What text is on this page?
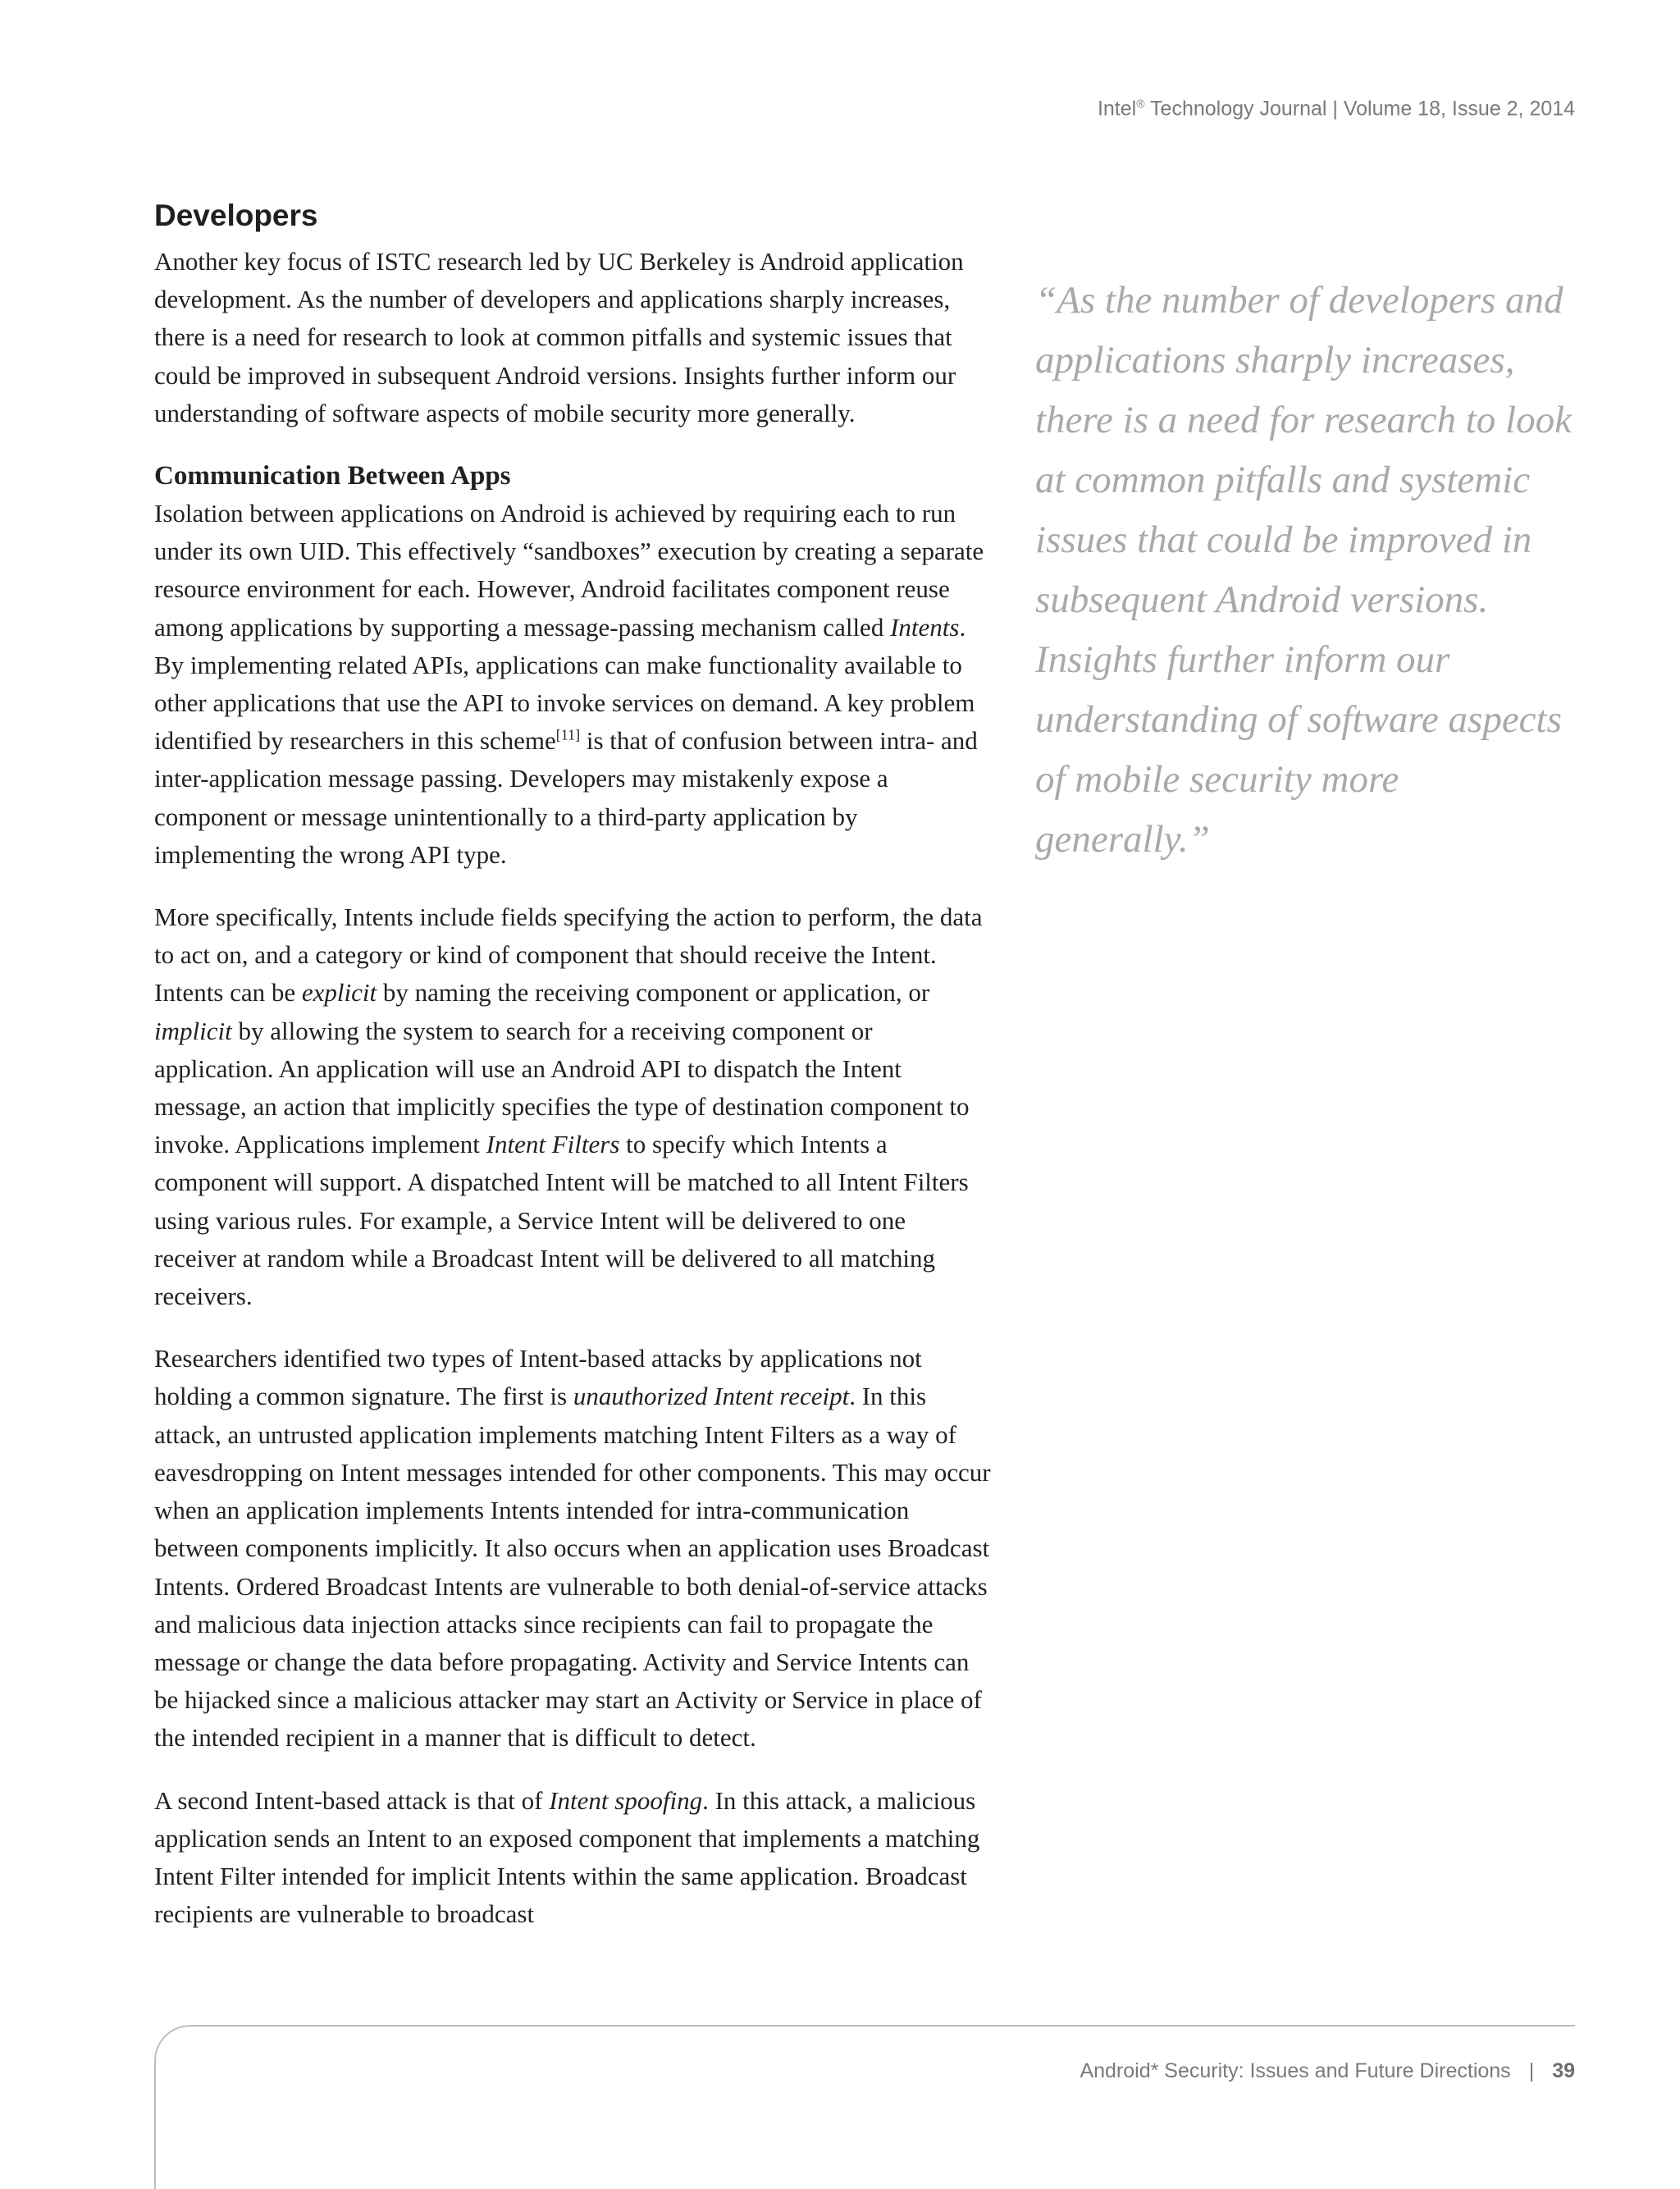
Intel® Technology Journal | Volume 18, Issue 2, 2014
Developers

Another key focus of ISTC research led by UC Berkeley is Android application development. As the number of developers and applications sharply increases, there is a need for research to look at common pitfalls and systemic issues that could be improved in subsequent Android versions. Insights further inform our understanding of software aspects of mobile security more generally.

Communication Between Apps

Isolation between applications on Android is achieved by requiring each to run under its own UID. This effectively “sandboxes” execution by creating a separate resource environment for each. However, Android facilitates component reuse among applications by supporting a message-passing mechanism called Intents. By implementing related APIs, applications can make functionality available to other applications that use the API to invoke services on demand. A key problem identified by researchers in this scheme[11] is that of confusion between intra- and inter-application message passing. Developers may mistakenly expose a component or message unintentionally to a third-party application by implementing the wrong API type.

More specifically, Intents include fields specifying the action to perform, the data to act on, and a category or kind of component that should receive the Intent. Intents can be explicit by naming the receiving component or application, or implicit by allowing the system to search for a receiving component or application. An application will use an Android API to dispatch the Intent message, an action that implicitly specifies the type of destination component to invoke. Applications implement Intent Filters to specify which Intents a component will support. A dispatched Intent will be matched to all Intent Filters using various rules. For example, a Service Intent will be delivered to one receiver at random while a Broadcast Intent will be delivered to all matching receivers.

Researchers identified two types of Intent-based attacks by applications not holding a common signature. The first is unauthorized Intent receipt. In this attack, an untrusted application implements matching Intent Filters as a way of eavesdropping on Intent messages intended for other components. This may occur when an application implements Intents intended for intra-communication between components implicitly. It also occurs when an application uses Broadcast Intents. Ordered Broadcast Intents are vulnerable to both denial-of-service attacks and malicious data injection attacks since recipients can fail to propagate the message or change the data before propagating. Activity and Service Intents can be hijacked since a malicious attacker may start an Activity or Service in place of the intended recipient in a manner that is difficult to detect.

A second Intent-based attack is that of Intent spoofing. In this attack, a malicious application sends an Intent to an exposed component that implements a matching Intent Filter intended for implicit Intents within the same application. Broadcast recipients are vulnerable to broadcast

“As the number of developers and applications sharply increases, there is a need for research to look at common pitfalls and systemic issues that could be improved in subsequent Android versions. Insights further inform our understanding of software aspects of mobile security more generally.”

Android* Security: Issues and Future Directions | 39
